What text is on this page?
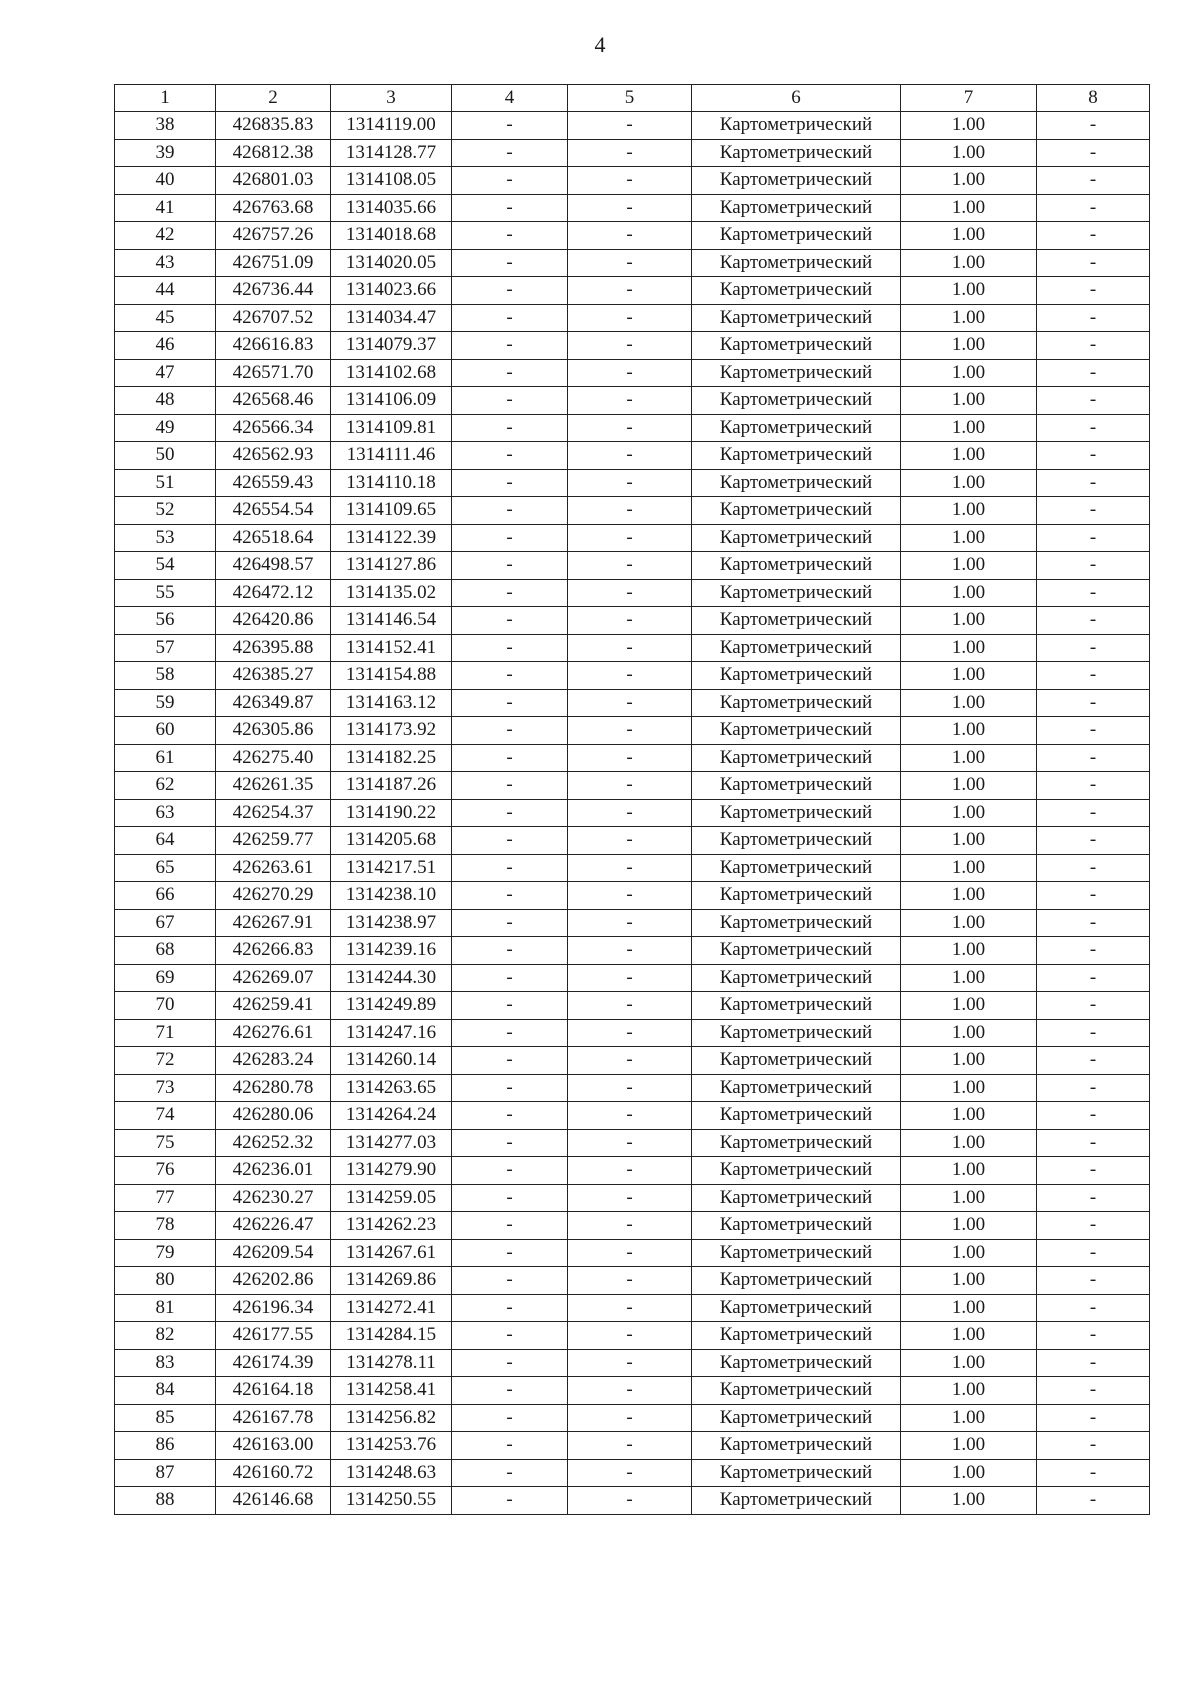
4
1	2	3	4	5	6	7	8
38	426835.83	1314119.00	-	-	Картометрический	1.00	-
39	426812.38	1314128.77	-	-	Картометрический	1.00	-
40	426801.03	1314108.05	-	-	Картометрический	1.00	-
41	426763.68	1314035.66	-	-	Картометрический	1.00	-
42	426757.26	1314018.68	-	-	Картометрический	1.00	-
43	426751.09	1314020.05	-	-	Картометрический	1.00	-
44	426736.44	1314023.66	-	-	Картометрический	1.00	-
45	426707.52	1314034.47	-	-	Картометрический	1.00	-
46	426616.83	1314079.37	-	-	Картометрический	1.00	-
47	426571.70	1314102.68	-	-	Картометрический	1.00	-
48	426568.46	1314106.09	-	-	Картометрический	1.00	-
49	426566.34	1314109.81	-	-	Картометрический	1.00	-
50	426562.93	1314111.46	-	-	Картометрический	1.00	-
51	426559.43	1314110.18	-	-	Картометрический	1.00	-
52	426554.54	1314109.65	-	-	Картометрический	1.00	-
53	426518.64	1314122.39	-	-	Картометрический	1.00	-
54	426498.57	1314127.86	-	-	Картометрический	1.00	-
55	426472.12	1314135.02	-	-	Картометрический	1.00	-
56	426420.86	1314146.54	-	-	Картометрический	1.00	-
57	426395.88	1314152.41	-	-	Картометрический	1.00	-
58	426385.27	1314154.88	-	-	Картометрический	1.00	-
59	426349.87	1314163.12	-	-	Картометрический	1.00	-
60	426305.86	1314173.92	-	-	Картометрический	1.00	-
61	426275.40	1314182.25	-	-	Картометрический	1.00	-
62	426261.35	1314187.26	-	-	Картометрический	1.00	-
63	426254.37	1314190.22	-	-	Картометрический	1.00	-
64	426259.77	1314205.68	-	-	Картометрический	1.00	-
65	426263.61	1314217.51	-	-	Картометрический	1.00	-
66	426270.29	1314238.10	-	-	Картометрический	1.00	-
67	426267.91	1314238.97	-	-	Картометрический	1.00	-
68	426266.83	1314239.16	-	-	Картометрический	1.00	-
69	426269.07	1314244.30	-	-	Картометрический	1.00	-
70	426259.41	1314249.89	-	-	Картометрический	1.00	-
71	426276.61	1314247.16	-	-	Картометрический	1.00	-
72	426283.24	1314260.14	-	-	Картометрический	1.00	-
73	426280.78	1314263.65	-	-	Картометрический	1.00	-
74	426280.06	1314264.24	-	-	Картометрический	1.00	-
75	426252.32	1314277.03	-	-	Картометрический	1.00	-
76	426236.01	1314279.90	-	-	Картометрический	1.00	-
77	426230.27	1314259.05	-	-	Картометрический	1.00	-
78	426226.47	1314262.23	-	-	Картометрический	1.00	-
79	426209.54	1314267.61	-	-	Картометрический	1.00	-
80	426202.86	1314269.86	-	-	Картометрический	1.00	-
81	426196.34	1314272.41	-	-	Картометрический	1.00	-
82	426177.55	1314284.15	-	-	Картометрический	1.00	-
83	426174.39	1314278.11	-	-	Картометрический	1.00	-
84	426164.18	1314258.41	-	-	Картометрический	1.00	-
85	426167.78	1314256.82	-	-	Картометрический	1.00	-
86	426163.00	1314253.76	-	-	Картометрический	1.00	-
87	426160.72	1314248.63	-	-	Картометрический	1.00	-
88	426146.68	1314250.55	-	-	Картометрический	1.00	-
